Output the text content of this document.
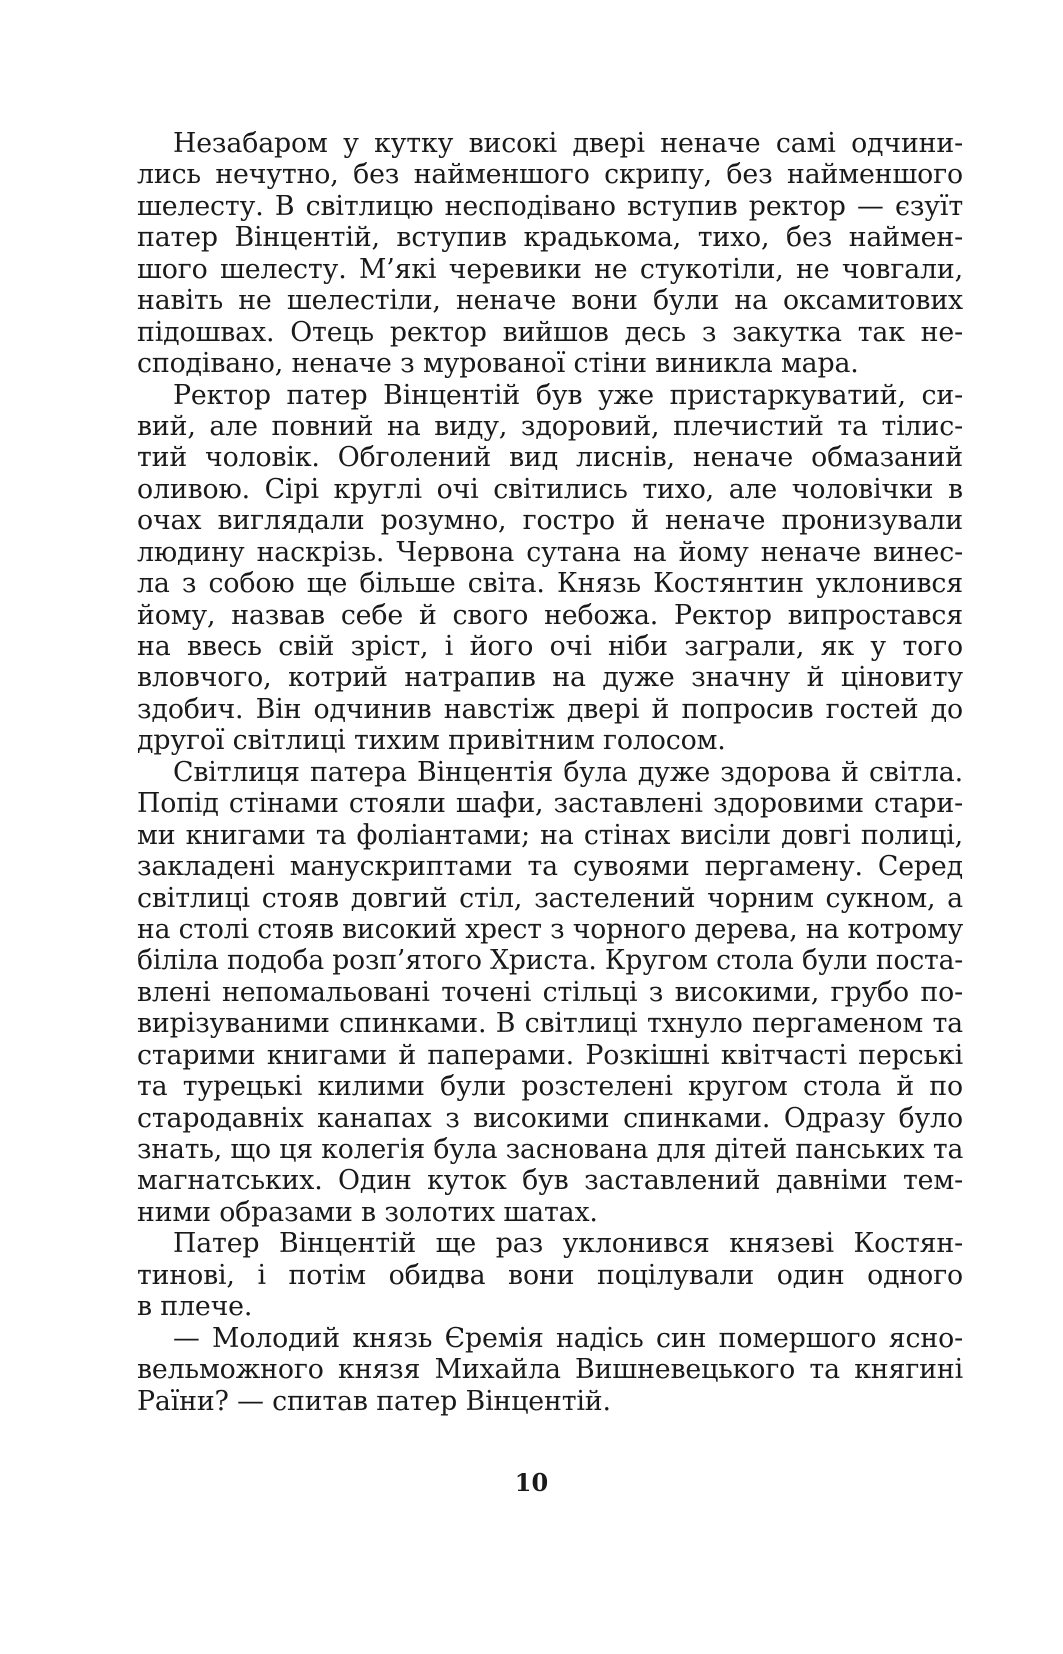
Незабаром у кутку високі двері неначе самі одчини-
лись нечутно, без найменшого скрипу, без найменшого
шелесту. В світлицю несподівано вступив ректор — єзуїт
патер Вінцентій, вступив крадькома, тихо, без наймен-
шого шелесту. М’які черевики не стукотіли, не човгали,
навіть не шелестіли, неначе вони були на оксамитових
підошвах. Отець ректор вийшов десь з закутка так не-
сподівано, неначе з мурованої стіни виникла мара.
Ректор патер Вінцентій був уже пристаркуватий, си-
вий, але повний на виду, здоровий, плечистий та тілис-
тий чоловік. Обголений вид лиснів, неначе обмазаний
оливою. Сірі круглі очі світились тихо, але чоловічки в
очах виглядали розумно, гостро й неначе пронизували
людину наскрізь. Червона сутана на йому неначе винес-
ла з собою ще більше світа. Князь Костянтин уклонився
йому, назвав себе й свого небожа. Ректор випростався
на ввесь свій зріст, і його очі ніби заграли, як у того
вловчого, котрий натрапив на дуже значну й ціновиту
здобич. Він одчинив навстіж двері й попросив гостей до
другої світлиці тихим привітним голосом.
Світлиця патера Вінцентія була дуже здорова й світла.
Попід стінами стояли шафи, заставлені здоровими стари-
ми книгами та фоліантами; на стінах висіли довгі полиці,
закладені манускриптами та сувоями пергамену. Серед
світлиці стояв довгий стіл, застелений чорним сукном, а
на столі стояв високий хрест з чорного дерева, на котрому
біліла подоба розп’ятого Христа. Кругом стола були поста-
влені непомальовані точені стільці з високими, грубо по-
вирізуваними спинками. В світлиці тхнуло пергаменом та
старими книгами й паперами. Розкішні квітчасті перські
та турецькі килими були розстелені кругом стола й по
стародавніх канапах з високими спинками. Одразу було
знать, що ця колегія була заснована для дітей панських та
магнатських. Один куток був заставлений давніми тем-
ними образами в золотих шатах.
Патер Вінцентій ще раз уклонився князеві Костян-
тинові, і потім обидва вони поцілували один одного
в плече.
— Молодий князь Єремія надісь син помершого ясно-
вельможного князя Михайла Вишневецького та княгині
Раїни? — спитав патер Вінцентій.
10
